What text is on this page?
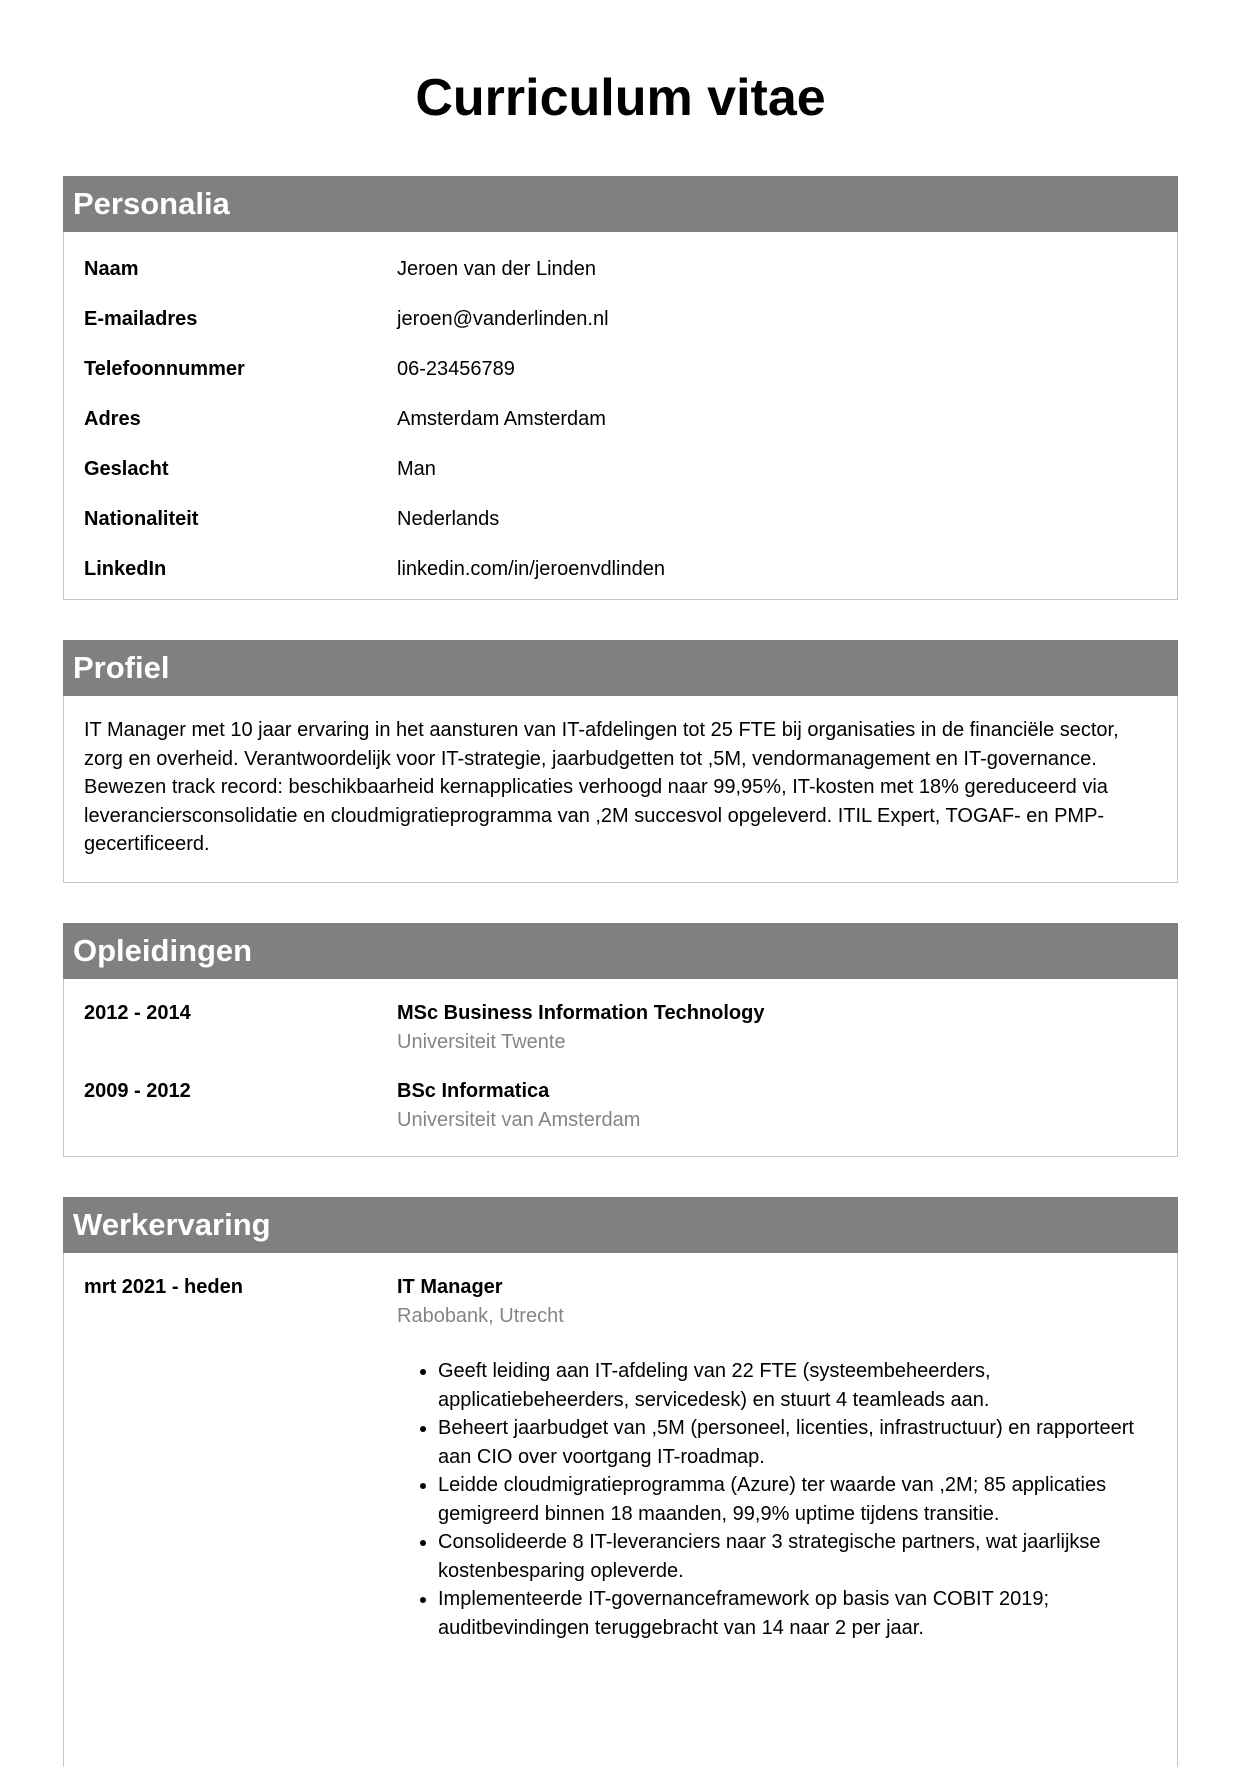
Curriculum vitae
Personalia
Naam	Jeroen van der Linden
E-mailadres	jeroen@vanderlinden.nl
Telefoonnummer	06-23456789
Adres	Amsterdam Amsterdam
Geslacht	Man
Nationaliteit	Nederlands
LinkedIn	linkedin.com/in/jeroenvdlinden
Profiel
IT Manager met 10 jaar ervaring in het aansturen van IT-afdelingen tot 25 FTE bij organisaties in de financiële sector, zorg en overheid. Verantwoordelijk voor IT-strategie, jaarbudgetten tot ,5M, vendormanagement en IT-governance. Bewezen track record: beschikbaarheid kernapplicaties verhoogd naar 99,95%, IT-kosten met 18% gereduceerd via leveranciersconsolidatie en cloudmigratieprogramma van ,2M succesvol opgeleverd. ITIL Expert, TOGAF- en PMP-gecertificeerd.
Opleidingen
2012 - 2014	MSc Business Information Technology
Universiteit Twente
2009 - 2012	BSc Informatica
Universiteit van Amsterdam
Werkervaring
mrt 2021 - heden	IT Manager
Rabobank, Utrecht
• Geeft leiding aan IT-afdeling van 22 FTE (systeembeheerders, applicatiebeheerders, servicedesk) en stuurt 4 teamleads aan.
• Beheert jaarbudget van ,5M (personeel, licenties, infrastructuur) en rapporteert aan CIO over voortgang IT-roadmap.
• Leidde cloudmigratieprogramma (Azure) ter waarde van ,2M; 85 applicaties gemigreerd binnen 18 maanden, 99,9% uptime tijdens transitie.
• Consolideerde 8 IT-leveranciers naar 3 strategische partners, wat jaarlijkse kostenbesparing opleverde.
• Implementeerde IT-governanceframework op basis van COBIT 2019; auditbevindingen teruggebracht van 14 naar 2 per jaar.
